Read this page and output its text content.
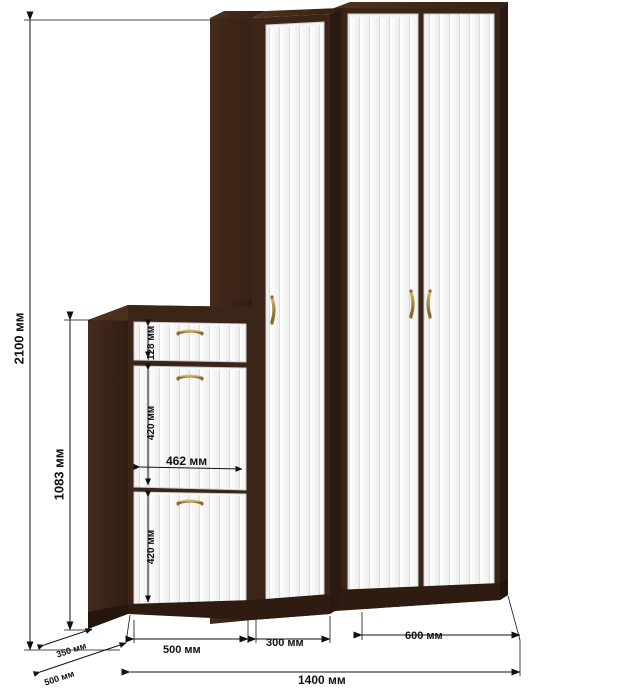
2100 мм
1083 мм
128 мм
420 мм
420 мм
462 мм
350 мм
500 мм
500 мм
300 мм
600 мм
1400 мм
